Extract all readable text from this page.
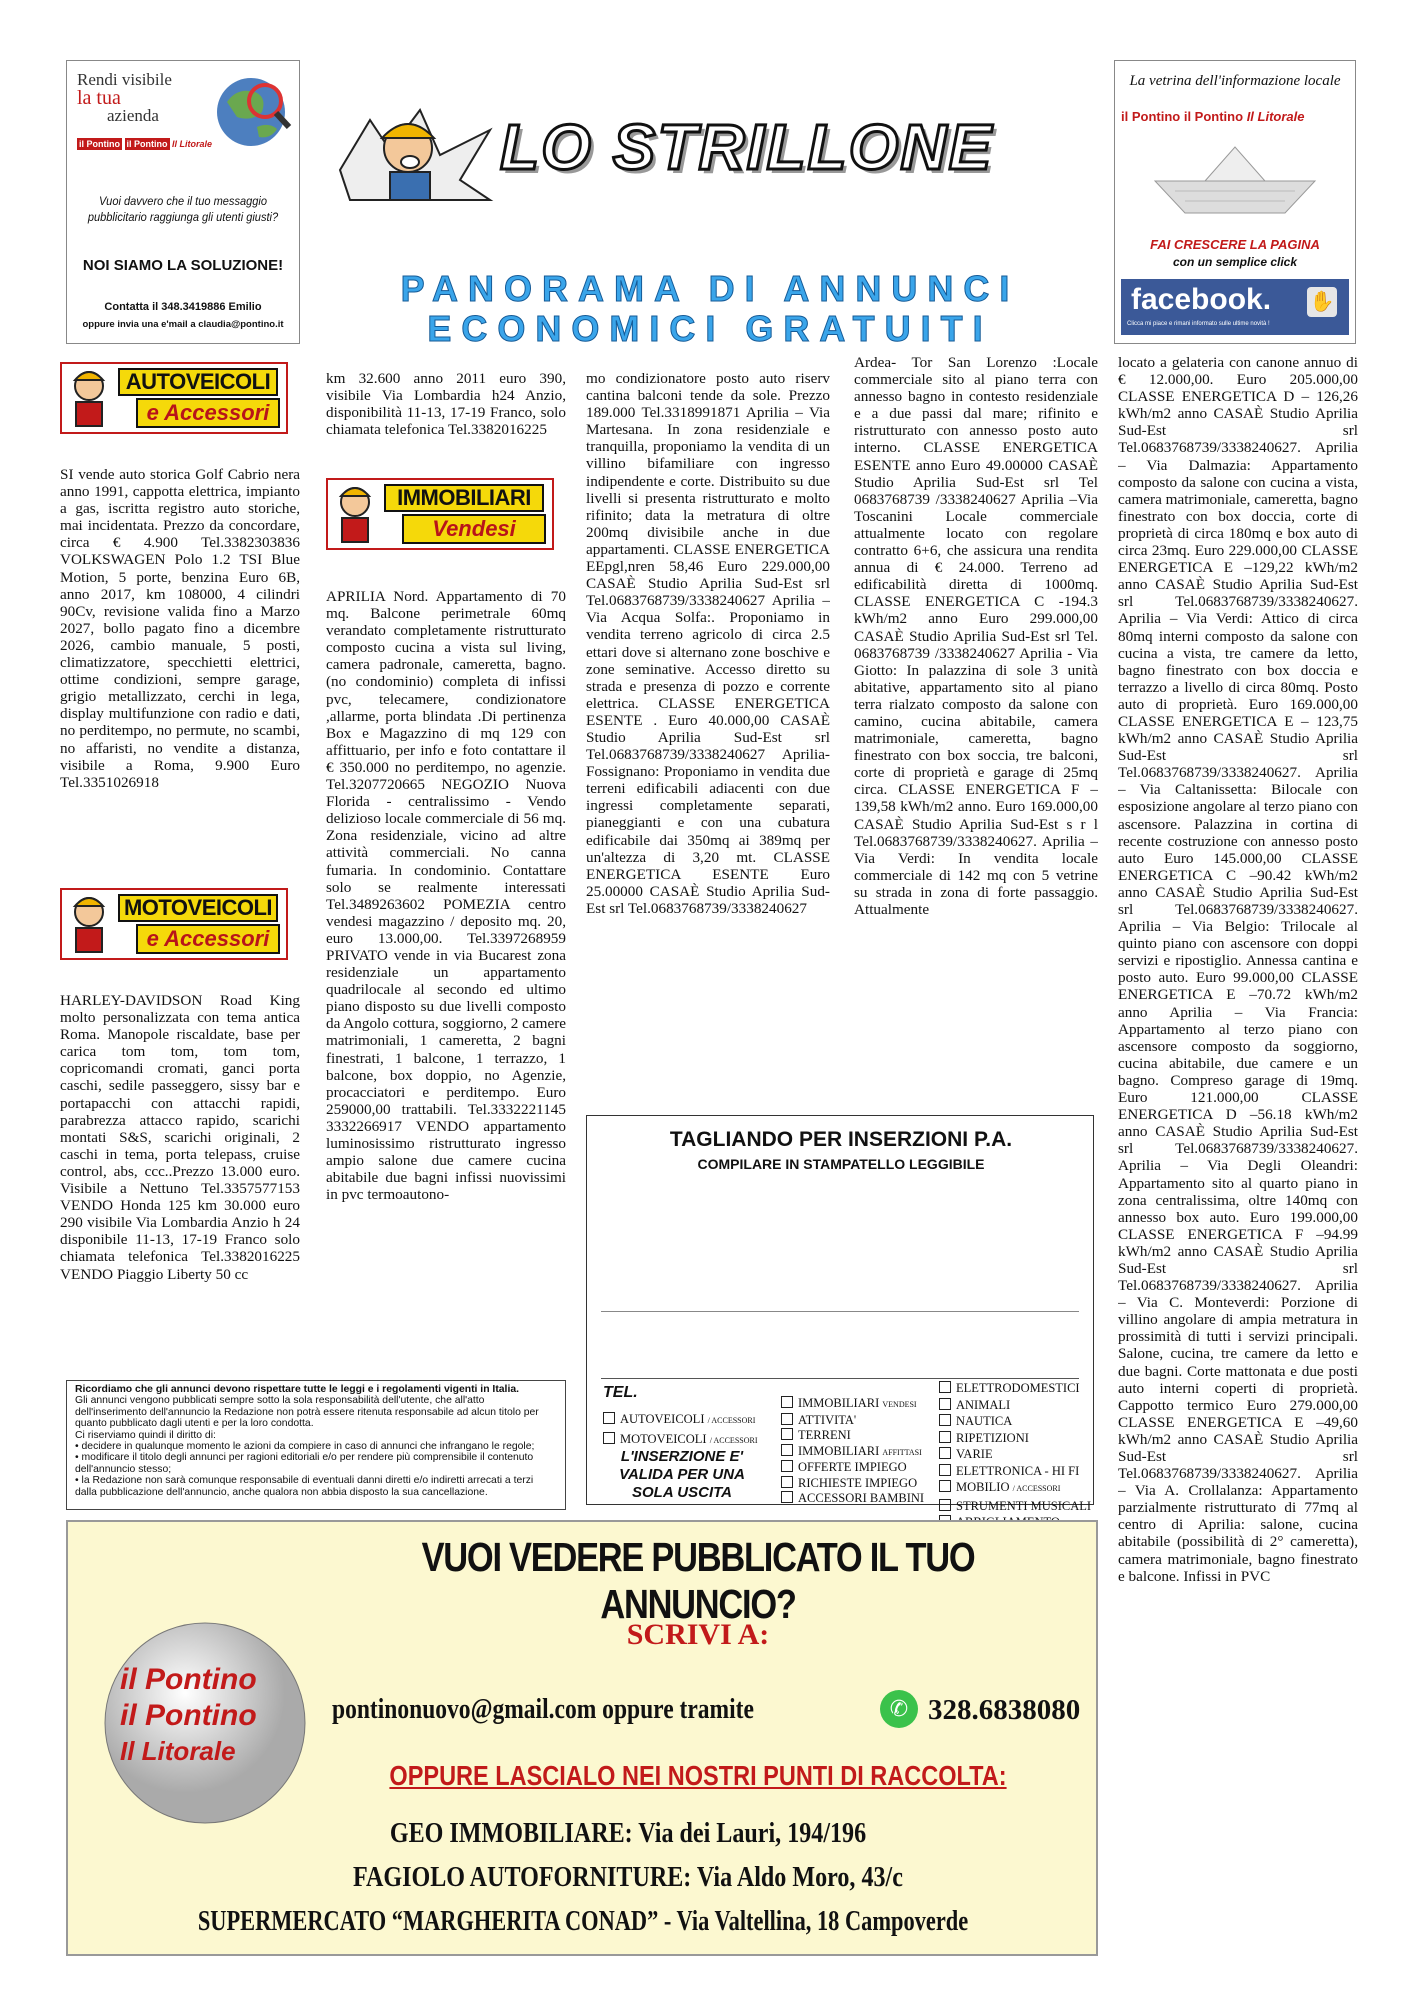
Rendi visibile
la tua
azienda
il Pontino il Pontino Il Litorale
Vuoi davvero che il tuo messaggio pubblicitario raggiunga gli utenti giusti?
NOI SIAMO LA SOLUZIONE!
Contatta il 348.3419886 Emilio
oppure invia una e'mail a claudia@pontino.it
LO STRILLONE
PANORAMA DI ANNUNCI
ECONOMICI GRATUITI
La vetrina dell'informazione locale
il Pontino il Pontino Il Litorale
FAI CRESCERE LA PAGINA
con un semplice click
facebook. ✋
Clicca mi piace e rimani informato sulle ultime novità !
AUTOVEICOLI
e Accessori
MOTOVEICOLI
e Accessori
IMMOBILIARI
Vendesi

SI vende auto storica Golf Cabrio nera anno 1991, cappotta elettrica, impianto a gas, iscritta registro auto storiche, mai incidentata. Prezzo da concordare, circa € 4.900 Tel.3382303836 VOLKSWAGEN Polo 1.2 TSI Blue Motion, 5 porte, benzina Euro 6B, anno 2017, km 108000, 4 cilindri 90Cv, revisione valida fino a Marzo 2027, bollo pagato fino a dicembre 2026, cambio manuale, 5 posti, climatizzatore, specchietti elettrici, ottime condizioni, sempre garage, grigio metallizzato, cerchi in lega, display multifunzione con radio e dati, no perditempo, no permute, no scambi, no affaristi, no vendite a distanza, visibile a Roma, 9.900 Euro Tel.3351026918

HARLEY-DAVIDSON Road King molto personalizzata con tema antica Roma. Manopole riscaldate, base per carica tom tom, tom tom, copricomandi cromati, ganci porta caschi, sedile passeggero, sissy bar e portapacchi con attacchi rapidi, parabrezza attacco rapido, scarichi montati S&S, scarichi originali, 2 caschi in tema, porta telepass, cruise control, abs, ccc..Prezzo 13.000 euro. Visibile a Nettuno Tel.3357577153 VENDO Honda 125 km 30.000 euro 290 visibile Via Lombardia Anzio h 24 disponibile 11-13, 17-19 Franco solo chiamata telefonica Tel.3382016225 VENDO Piaggio Liberty 50 cc

km 32.600 anno 2011 euro 390, visibile Via Lombardia h24 Anzio, disponibilità 11-13, 17-19 Franco, solo chiamata telefonica Tel.3382016225

APRILIA Nord. Appartamento di 70 mq. Balcone perimetrale 60mq verandato completamente ristrutturato composto cucina a vista sul living, camera padronale, cameretta, bagno.(no condominio) completa di infissi pvc, telecamere, condizionatore ,allarme, porta blindata .Di pertinenza Box e Magazzino di mq 129 con affittuario, per info e foto contattare il € 350.000 no perditempo, no agenzie. Tel.3207720665 NEGOZIO Nuova Florida - centralissimo - Vendo delizioso locale commerciale di 56 mq. Zona residenziale, vicino ad altre attività commerciali. No canna fumaria. In condominio. Contattare solo se realmente interessati Tel.3489263602 POMEZIA centro vendesi magazzino / deposito mq. 20, euro 13.000,00. Tel.3397268959 PRIVATO vende in via Bucarest zona residenziale un appartamento quadrilocale al secondo ed ultimo piano disposto su due livelli composto da Angolo cottura, soggiorno, 2 camere matrimoniali, 1 cameretta, 2 bagni finestrati, 1 balcone, 1 terrazzo, 1 balcone, box doppio, no Agenzie, procacciatori e perditempo. Euro 259000,00 trattabili. Tel.3332221145 3332266917 VENDO appartamento luminosissimo ristrutturato ingresso ampio salone due camere cucina abitabile due bagni infissi nuovissimi in pvc termoautono-

mo condizionatore posto auto riserv cantina balconi tende da sole. Prezzo 189.000 Tel.3318991871 Aprilia – Via Martesana. In zona residenziale e tranquilla, proponiamo la vendita di un villino bifamiliare con ingresso indipendente e corte. Distribuito su due livelli si presenta ristrutturato e molto rifinito; data la metratura di oltre 200mq divisibile anche in due appartamenti. CLASSE ENERGETICA EEpgl,nren 58,46 Euro 229.000,00 CASAÈ Studio Aprilia Sud-Est srl Tel.0683768739/3338240627 Aprilia – Via Acqua Solfa:. Proponiamo in vendita terreno agricolo di circa 2.5 ettari dove si alternano zone boschive e zone seminative. Accesso diretto su strada e presenza di pozzo e corrente elettrica. CLASSE ENERGETICA ESENTE . Euro 40.000,00 CASAÈ Studio Aprilia Sud-Est srl Tel.0683768739/3338240627 Aprilia- Fossignano: Proponiamo in vendita due terreni edificabili adiacenti con due ingressi completamente separati, pianeggianti e con una cubatura edificabile dai 350mq ai 389mq per un'altezza di 3,20 mt. CLASSE ENERGETICA ESENTE Euro 25.00000 CASAÈ Studio Aprilia Sud-Est srl Tel.0683768739/3338240627

Ardea- Tor San Lorenzo :Locale commerciale sito al piano terra con annesso bagno in contesto residenziale e a due passi dal mare; rifinito e ristrutturato con annesso posto auto interno. CLASSE ENERGETICA ESENTE anno Euro 49.00000 CASAÈ Studio Aprilia Sud-Est srl Tel 0683768739 /3338240627 Aprilia –Via Toscanini Locale commerciale attualmente locato con regolare contratto 6+6, che assicura una rendita annua di € 24.000. Terreno ad edificabilità diretta di 1000mq. CLASSE ENERGETICA C -194.3 kWh/m2 anno Euro 299.000,00 CASAÈ Studio Aprilia Sud-Est srl Tel. 0683768739 /3338240627 Aprilia - Via Giotto: In palazzina di sole 3 unità abitative, appartamento sito al piano terra rialzato composto da salone con camino, cucina abitabile, camera matrimoniale, cameretta, bagno finestrato con box soccia, tre balconi, corte di proprietà e garage di 25mq circa. CLASSE ENERGETICA F –139,58 kWh/m2 anno. Euro 169.000,00 CASAÈ Studio Aprilia Sud-Est s r l Tel.0683768739/3338240627. Aprilia – Via Verdi: In vendita locale commerciale di 142 mq con 5 vetrine su strada in zona di forte passaggio. Attualmente

locato a gelateria con canone annuo di € 12.000,00. Euro 205.000,00 CLASSE ENERGETICA D – 126,26 kWh/m2 anno CASAÈ Studio Aprilia Sud-Est srl Tel.0683768739/3338240627. Aprilia – Via Dalmazia: Appartamento composto da salone con cucina a vista, camera matrimoniale, cameretta, bagno finestrato con box doccia, corte di proprietà di circa 180mq e box auto di circa 23mq. Euro 229.000,00 CLASSE ENERGETICA E –129,22 kWh/m2 anno CASAÈ Studio Aprilia Sud-Est srl Tel.0683768739/3338240627. Aprilia – Via Verdi: Attico di circa 80mq interni composto da salone con cucina a vista, tre camere da letto, bagno finestrato con box doccia e terrazzo a livello di circa 80mq. Posto auto di proprietà. Euro 169.000,00 CLASSE ENERGETICA E – 123,75 kWh/m2 anno CASAÈ Studio Aprilia Sud-Est srl Tel.0683768739/3338240627. Aprilia – Via Caltanissetta: Bilocale con esposizione angolare al terzo piano con ascensore. Palazzina in cortina di recente costruzione con annesso posto auto Euro 145.000,00 CLASSE ENERGETICA C –90.42 kWh/m2 anno CASAÈ Studio Aprilia Sud-Est srl Tel.0683768739/3338240627. Aprilia – Via Belgio: Trilocale al quinto piano con ascensore con doppi servizi e ripostiglio. Annessa cantina e posto auto. Euro 99.000,00 CLASSE ENERGETICA E –70.72 kWh/m2 anno Aprilia – Via Francia: Appartamento al terzo piano con ascensore composto da soggiorno, cucina abitabile, due camere e un bagno. Compreso garage di 19mq. Euro 121.000,00 CLASSE ENERGETICA D –56.18 kWh/m2 anno CASAÈ Studio Aprilia Sud-Est srl Tel.0683768739/3338240627. Aprilia – Via Degli Oleandri: Appartamento sito al quarto piano in zona centralissima, oltre 140mq con annesso box auto. Euro 199.000,00 CLASSE ENERGETICA F –94.99 kWh/m2 anno CASAÈ Studio Aprilia Sud-Est srl Tel.0683768739/3338240627. Aprilia – Via C. Monteverdi: Porzione di villino angolare di ampia metratura in prossimità di tutti i servizi principali. Salone, cucina, tre camere da letto e due bagni. Corte mattonata e due posti auto interni coperti di proprietà. Cappotto termico Euro 279.000,00 CLASSE ENERGETICA E –49,60 kWh/m2 anno CASAÈ Studio Aprilia Sud-Est srl Tel.0683768739/3338240627. Aprilia – Via A. Crollalanza: Appartamento parzialmente ristrutturato di 77mq al centro di Aprilia: salone, cucina abitabile (possibilità di 2° cameretta), camera matrimoniale, bagno finestrato e balcone. Infissi in PVC

Ricordiamo che gli annunci devono rispettare tutte le leggi e i regolamenti vigenti in Italia.
Gli annunci vengono pubblicati sempre sotto la sola responsabilità dell'utente, che all'atto dell'inserimento dell'annuncio la Redazione non potrà essere ritenuta responsabile ad alcun titolo per quanto pubblicato dagli utenti e per la loro condotta.
Ci riserviamo quindi il diritto di:
• decidere in qualunque momento le azioni da compiere in caso di annunci che infrangano le regole;
• modificare il titolo degli annunci per ragioni editoriali e/o per rendere più comprensibile il contenuto dell'annuncio stesso;
• la Redazione non sarà comunque responsabile di eventuali danni diretti e/o indiretti arrecati a terzi dalla pubblicazione dell'annuncio, anche qualora non abbia disposto la sua cancellazione.
TAGLIANDO PER INSERZIONI P.A.
COMPILARE IN STAMPATELLO LEGGIBILE
TEL.
AUTOVEICOLI / ACCESSORI
MOTOVEICOLI / ACCESSORI
L'INSERZIONE E' VALIDA PER UNA SOLA USCITA
IMMOBILIARI VENDESI
ATTIVITA'
TERRENI
IMMOBILIARI AFFITTASI
OFFERTE IMPIEGO
RICHIESTE IMPIEGO
ACCESSORI BAMBINI
ELETTRODOMESTICI
ANIMALI
NAUTICA
RIPETIZIONI
VARIE
ELETTRONICA - HI FI
MOBILIO / ACCESSORI
STRUMENTI MUSICALI
il Pontino
il Pontino
Il Litorale
VUOI VEDERE PUBBLICATO IL TUO ANNUNCIO?
SCRIVI A:
pontinonuovo@gmail.com oppure tramite	✆ 328.6838080
OPPURE LASCIALO NEI NOSTRI PUNTI DI RACCOLTA:
GEO IMMOBILIARE: Via dei Lauri, 194/196
FAGIOLO AUTOFORNITURE: Via Aldo Moro, 43/c
SUPERMERCATO “MARGHERITA CONAD” - Via Valtellina, 18 Campoverde
